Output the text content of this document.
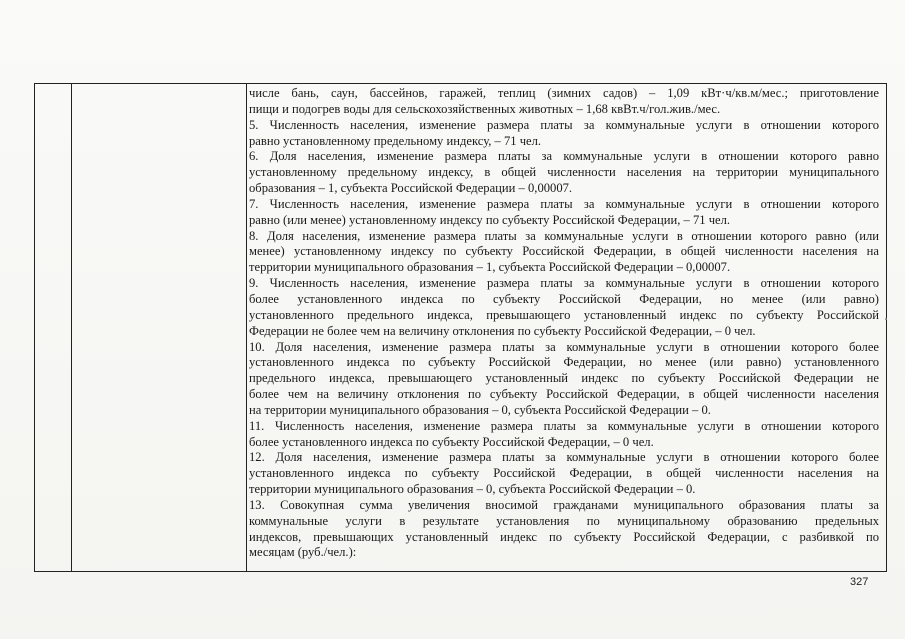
числе бань, саун, бассейнов, гаражей, теплиц (зимних садов) – 1,09 кВт·ч/кв.м/мес.; приготовление
пищи и подогрев воды для сельскохозяйственных животных – 1,68 квВт.ч/гол.жив./мес.
5. Численность населения, изменение размера платы за коммунальные услуги в отношении которого
равно установленному предельному индексу, – 71 чел.
6. Доля населения, изменение размера платы за коммунальные услуги в отношении которого равно
установленному предельному индексу, в общей численности населения на территории муниципального
образования – 1, субъекта Российской Федерации – 0,00007.
7. Численность населения, изменение размера платы за коммунальные услуги в отношении которого
равно (или менее) установленному индексу по субъекту Российской Федерации, – 71 чел.
8. Доля населения, изменение размера платы за коммунальные услуги в отношении которого равно (или
менее) установленному индексу по субъекту Российской Федерации, в общей численности населения на
территории муниципального образования – 1, субъекта Российской Федерации – 0,00007.
9. Численность населения, изменение размера платы за коммунальные услуги в отношении которого
более установленного индекса по субъекту Российской Федерации, но менее (или равно)
установленного предельного индекса, превышающего установленный индекс по субъекту Российской
Федерации не более чем на величину отклонения по субъекту Российской Федерации, – 0 чел.
10. Доля населения, изменение размера платы за коммунальные услуги в отношении которого более
установленного индекса по субъекту Российской Федерации, но менее (или равно) установленного
предельного индекса, превышающего установленный индекс по субъекту Российской Федерации не
более чем на величину отклонения по субъекту Российской Федерации, в общей численности населения
на территории муниципального образования – 0, субъекта Российской Федерации – 0.
11. Численность населения, изменение размера платы за коммунальные услуги в отношении которого
более установленного индекса по субъекту Российской Федерации, – 0 чел.
12. Доля населения, изменение размера платы за коммунальные услуги в отношении которого более
установленного индекса по субъекту Российской Федерации, в общей численности населения на
территории муниципального образования – 0, субъекта Российской Федерации – 0.
13. Совокупная сумма увеличения вносимой гражданами муниципального образования платы за
коммунальные услуги в результате установления по муниципальному образованию предельных
индексов, превышающих установленный индекс по субъекту Российской Федерации, с разбивкой по
месяцам (руб./чел.):
327
